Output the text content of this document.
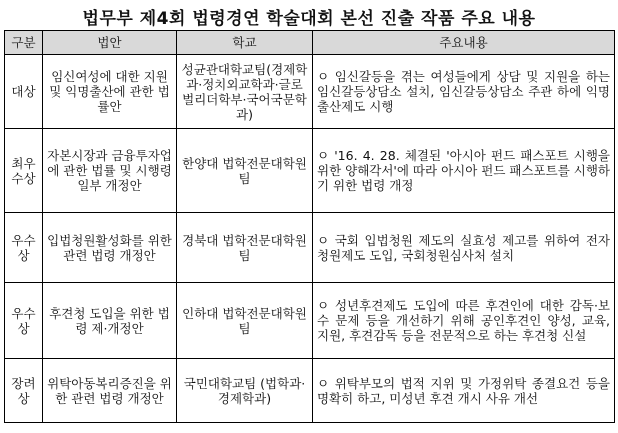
법무부 제4회 법령경연 학술대회 본선 진출 작품 주요 내용
구분	법안	학교	주요내용
대상	임신여성에 대한 지원 및 익명출산에 관한 법률안	성균관대학교팀(경제학과·정치외교학과·글로벌리더학부·국어국문학과)	ㅇ 임신갈등을 겪는 여성들에게 상담 및 지원을 하는 임신갈등상담소 설치, 임신갈등상담소 주관 하에 익명출산제도 시행
최우수상	자본시장과 금융투자업에 관한 법률 및 시행령 일부 개정안	한양대 법학전문대학원팀	ㅇ '16. 4. 28. 체결된 '아시아 펀드 패스포트 시행을 위한 양해각서'에 따라 아시아 펀드 패스포트를 시행하기 위한 법령 개정
우수상	입법청원활성화를 위한 관련 법령 개정안	경북대 법학전문대학원팀	ㅇ 국회 입법청원 제도의 실효성 제고를 위하여 전자청원제도 도입, 국회청원심사처 설치
우수상	후견청 도입을 위한 법령 제·개정안	인하대 법학전문대학원팀	ㅇ 성년후견제도 도입에 따른 후견인에 대한 감독·보수 문제 등을 개선하기 위해 공인후견인 양성, 교육, 지원, 후견감독 등을 전문적으로 하는 후견청 신설
장려상	위탁아동복리증진을 위한 관련 법령 개정안	국민대학교팀 (법학과·경제학과)	ㅇ 위탁부모의 법적 지위 및 가정위탁 종결요건 등을 명확히 하고, 미성년 후견 개시 사유 개선
